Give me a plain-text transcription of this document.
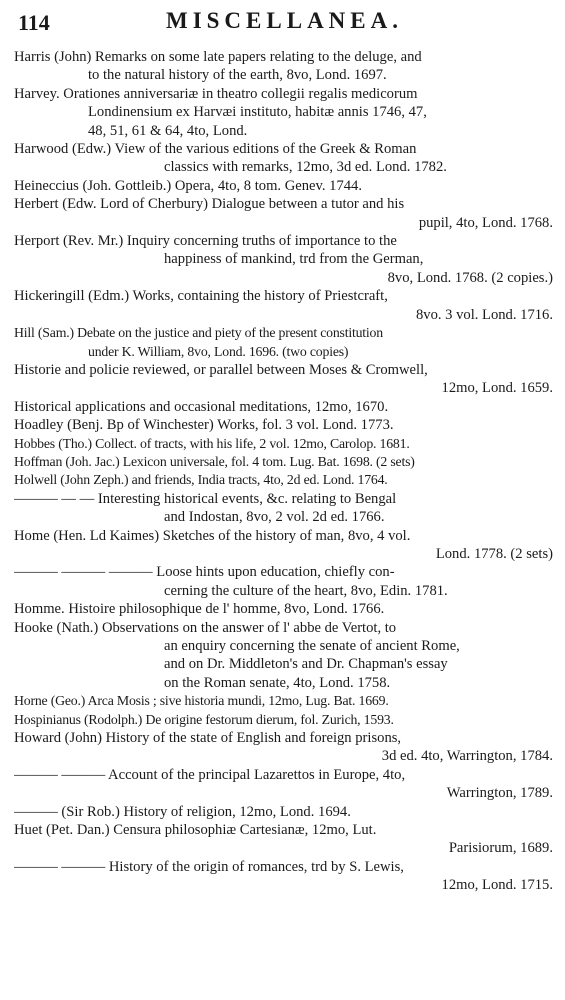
114	MISCELLANEA.
Harris (John) Remarks on some late papers relating to the deluge, and
to the natural history of the earth, 8vo, Lond. 1697.
Harvey. Orationes anniversariæ in theatro collegii regalis medicorum
Londinensium ex Harvæi instituto, habitæ annis 1746, 47,
48, 51, 61 & 64, 4to, Lond.
Harwood (Edw.) View of the various editions of the Greek & Roman
classics with remarks, 12mo, 3d ed. Lond. 1782.
Heineccius (Joh. Gottleib.) Opera, 4to, 8 tom. Genev. 1744.
Herbert (Edw. Lord of Cherbury) Dialogue between a tutor and his
pupil, 4to, Lond. 1768.
Herport (Rev. Mr.) Inquiry concerning truths of importance to the
happiness of mankind, trd from the German,
8vo, Lond. 1768. (2 copies.)
Hickeringill (Edm.) Works, containing the history of Priestcraft,
8vo. 3 vol. Lond. 1716.
Hill (Sam.) Debate on the justice and piety of the present constitution
under K. William, 8vo, Lond. 1696. (two copies)
Historie and policie reviewed, or parallel between Moses & Cromwell,
12mo, Lond. 1659.
Historical applications and occasional meditations, 12mo, 1670.
Hoadley (Benj. Bp of Winchester) Works, fol. 3 vol. Lond. 1773.
Hobbes (Tho.) Collect. of tracts, with his life, 2 vol. 12mo, Carolop. 1681.
Hoffman (Joh. Jac.) Lexicon universale, fol. 4 tom. Lug. Bat. 1698. (2 sets)
Holwell (John Zeph.) and friends, India tracts, 4to, 2d ed. Lond. 1764.
——— — — Interesting historical events, &c. relating to Bengal
and Indostan, 8vo, 2 vol. 2d ed. 1766.
Home (Hen. Ld Kaimes) Sketches of the history of man, 8vo, 4 vol.
Lond. 1778. (2 sets)
——— ——— ——— Loose hints upon education, chiefly con-
cerning the culture of the heart, 8vo, Edin. 1781.
Homme. Histoire philosophique de l' homme, 8vo, Lond. 1766.
Hooke (Nath.) Observations on the answer of l' abbe de Vertot, to
an enquiry concerning the senate of ancient Rome,
and on Dr. Middleton's and Dr. Chapman's essay
on the Roman senate, 4to, Lond. 1758.
Horne (Geo.) Arca Mosis ; sive historia mundi, 12mo, Lug. Bat. 1669.
Hospinianus (Rodolph.) De origine festorum dierum, fol. Zurich, 1593.
Howard (John) History of the state of English and foreign prisons,
3d ed. 4to, Warrington, 1784.
——— ——— Account of the principal Lazarettos in Europe, 4to,
Warrington, 1789.
——— (Sir Rob.) History of religion, 12mo, Lond. 1694.
Huet (Pet. Dan.) Censura philosophiæ Cartesianæ, 12mo, Lut.
Parisiorum, 1689.
——— ——— History of the origin of romances, trd by S. Lewis,
12mo, Lond. 1715.
